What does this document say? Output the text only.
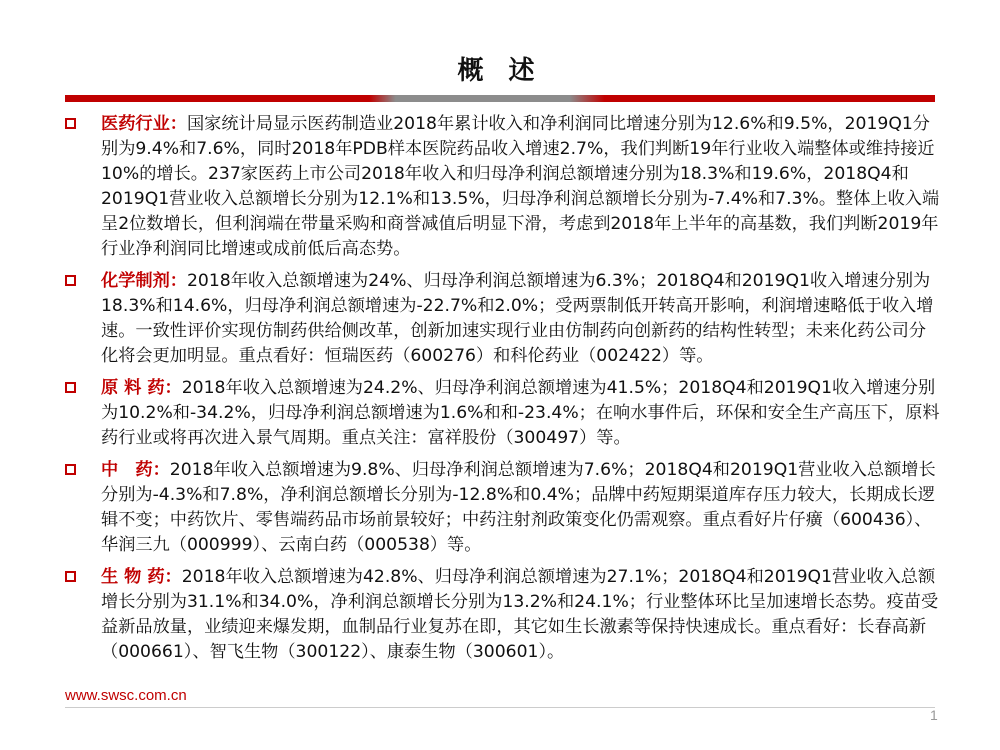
概 述
医药行业：国家统计局显示医药制造业2018年累计收入和净利润同比增速分别为12.6%和9.5%，2019Q1分别为9.4%和7.6%，同时2018年PDB样本医院药品收入增速2.7%，我们判断19年行业收入端整体或维持接近10%的增长。237家医药上市公司2018年收入和归母净利润总额增速分别为18.3%和19.6%，2018Q4和2019Q1营业收入总额增长分别为12.1%和13.5%，归母净利润总额增长分别为-7.4%和7.3%。整体上收入端呈2位数增长，但利润端在带量采购和商誉减值后明显下滑，考虑到2018年上半年的高基数，我们判断2019年行业净利润同比增速或成前低后高态势。
化学制剂：2018年收入总额增速为24%、归母净利润总额增速为6.3%；2018Q4和2019Q1收入增速分别为18.3%和14.6%，归母净利润总额增速为-22.7%和2.0%；受两票制低开转高开影响，利润增速略低于收入增速。一致性评价实现仿制药供给侧改革，创新加速实现行业由仿制药向创新药的结构性转型；未来化药公司分化将会更加明显。重点看好：恒瑞医药（600276）和科伦药业（002422）等。
原 料 药：2018年收入总额增速为24.2%、归母净利润总额增速为41.5%；2018Q4和2019Q1收入增速分别为10.2%和-34.2%，归母净利润总额增速为1.6%和和-23.4%；在响水事件后，环保和安全生产高压下，原料药行业或将再次进入景气周期。重点关注：富祥股份（300497）等。
中　药：2018年收入总额增速为9.8%、归母净利润总额增速为7.6%；2018Q4和2019Q1营业收入总额增长分别为-4.3%和7.8%，净利润总额增长分别为-12.8%和0.4%；品牌中药短期渠道库存压力较大，长期成长逻辑不变；中药饮片、零售端药品市场前景较好；中药注射剂政策变化仍需观察。重点看好片仔癀（600436）、华润三九（000999）、云南白药（000538）等。
生 物 药：2018年收入总额增速为42.8%、归母净利润总额增速为27.1%；2018Q4和2019Q1营业收入总额增长分别为31.1%和34.0%，净利润总额增长分别为13.2%和24.1%；行业整体环比呈加速增长态势。疫苗受益新品放量，业绩迎来爆发期，血制品行业复苏在即，其它如生长激素等保持快速成长。重点看好：长春高新（000661）、智飞生物（300122）、康泰生物（300601）。
www.swsc.com.cn
1
